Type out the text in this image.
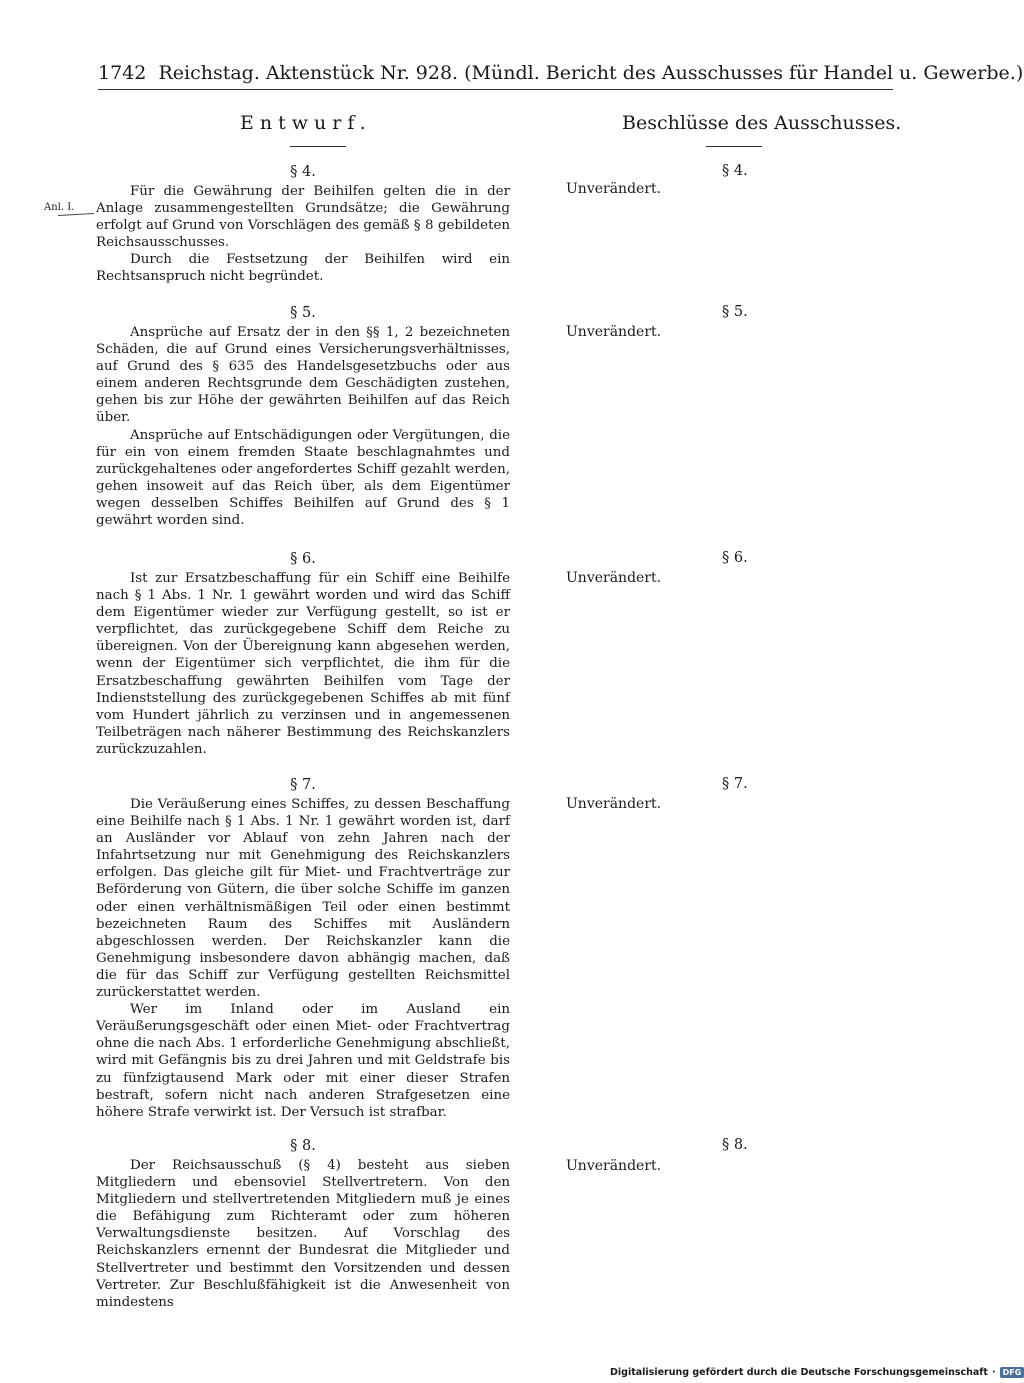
1742 Reichstag. Aktenstück Nr. 928. (Mündl. Bericht des Ausschusses für Handel u. Gewerbe.)
Entwurf.	Beschlüsse des Ausschusses.
Anl. I.
§ 4.

Für die Gewährung der Beihilfen gelten die in der Anlage zusammengestellten Grundsätze; die Gewährung erfolgt auf Grund von Vorschlägen des gemäß § 8 gebildeten Reichsausschusses.

Durch die Festsetzung der Beihilfen wird ein Rechtsanspruch nicht begründet.

§ 4.
Unverändert.
§ 5.

Ansprüche auf Ersatz der in den §§ 1, 2 bezeichneten Schäden, die auf Grund eines Versicherungsverhältnisses, auf Grund des § 635 des Handelsgesetzbuchs oder aus einem anderen Rechtsgrunde dem Geschädigten zustehen, gehen bis zur Höhe der gewährten Beihilfen auf das Reich über.

Ansprüche auf Entschädigungen oder Vergütungen, die für ein von einem fremden Staate beschlagnahmtes und zurückgehaltenes oder angefordertes Schiff gezahlt werden, gehen insoweit auf das Reich über, als dem Eigentümer wegen desselben Schiffes Beihilfen auf Grund des § 1 gewährt worden sind.

§ 5.
Unverändert.
§ 6.

Ist zur Ersatzbeschaffung für ein Schiff eine Beihilfe nach § 1 Abs. 1 Nr. 1 gewährt worden und wird das Schiff dem Eigentümer wieder zur Verfügung gestellt, so ist er verpflichtet, das zurückgegebene Schiff dem Reiche zu übereignen. Von der Übereignung kann abgesehen werden, wenn der Eigentümer sich verpflichtet, die ihm für die Ersatzbeschaffung gewährten Beihilfen vom Tage der Indienststellung des zurückgegebenen Schiffes ab mit fünf vom Hundert jährlich zu verzinsen und in angemessenen Teilbeträgen nach näherer Bestimmung des Reichskanzlers zurückzuzahlen.

§ 6.
Unverändert.
§ 7.

Die Veräußerung eines Schiffes, zu dessen Beschaffung eine Beihilfe nach § 1 Abs. 1 Nr. 1 gewährt worden ist, darf an Ausländer vor Ablauf von zehn Jahren nach der Infahrtsetzung nur mit Genehmigung des Reichskanzlers erfolgen. Das gleiche gilt für Miet- und Frachtverträge zur Beförderung von Gütern, die über solche Schiffe im ganzen oder einen verhältnismäßigen Teil oder einen bestimmt bezeichneten Raum des Schiffes mit Ausländern abgeschlossen werden. Der Reichskanzler kann die Genehmigung insbesondere davon abhängig machen, daß die für das Schiff zur Verfügung gestellten Reichsmittel zurückerstattet werden.

Wer im Inland oder im Ausland ein Veräußerungsgeschäft oder einen Miet- oder Frachtvertrag ohne die nach Abs. 1 erforderliche Genehmigung abschließt, wird mit Gefängnis bis zu drei Jahren und mit Geldstrafe bis zu fünfzigtausend Mark oder mit einer dieser Strafen bestraft, sofern nicht nach anderen Strafgesetzen eine höhere Strafe verwirkt ist. Der Versuch ist strafbar.

§ 7.
Unverändert.
§ 8.

Der Reichsausschuß (§ 4) besteht aus sieben Mitgliedern und ebensoviel Stellvertretern. Von den Mitgliedern und stellvertretenden Mitgliedern muß je eines die Befähigung zum Richteramt oder zum höheren Verwaltungsdienste besitzen. Auf Vorschlag des Reichskanzlers ernennt der Bundesrat die Mitglieder und Stellvertreter und bestimmt den Vorsitzenden und dessen Vertreter. Zur Beschlußfähigkeit ist die Anwesenheit von mindestens

§ 8.
Unverändert.
Digitalisierung gefördert durch die Deutsche Forschungsgemeinschaft · DFG
